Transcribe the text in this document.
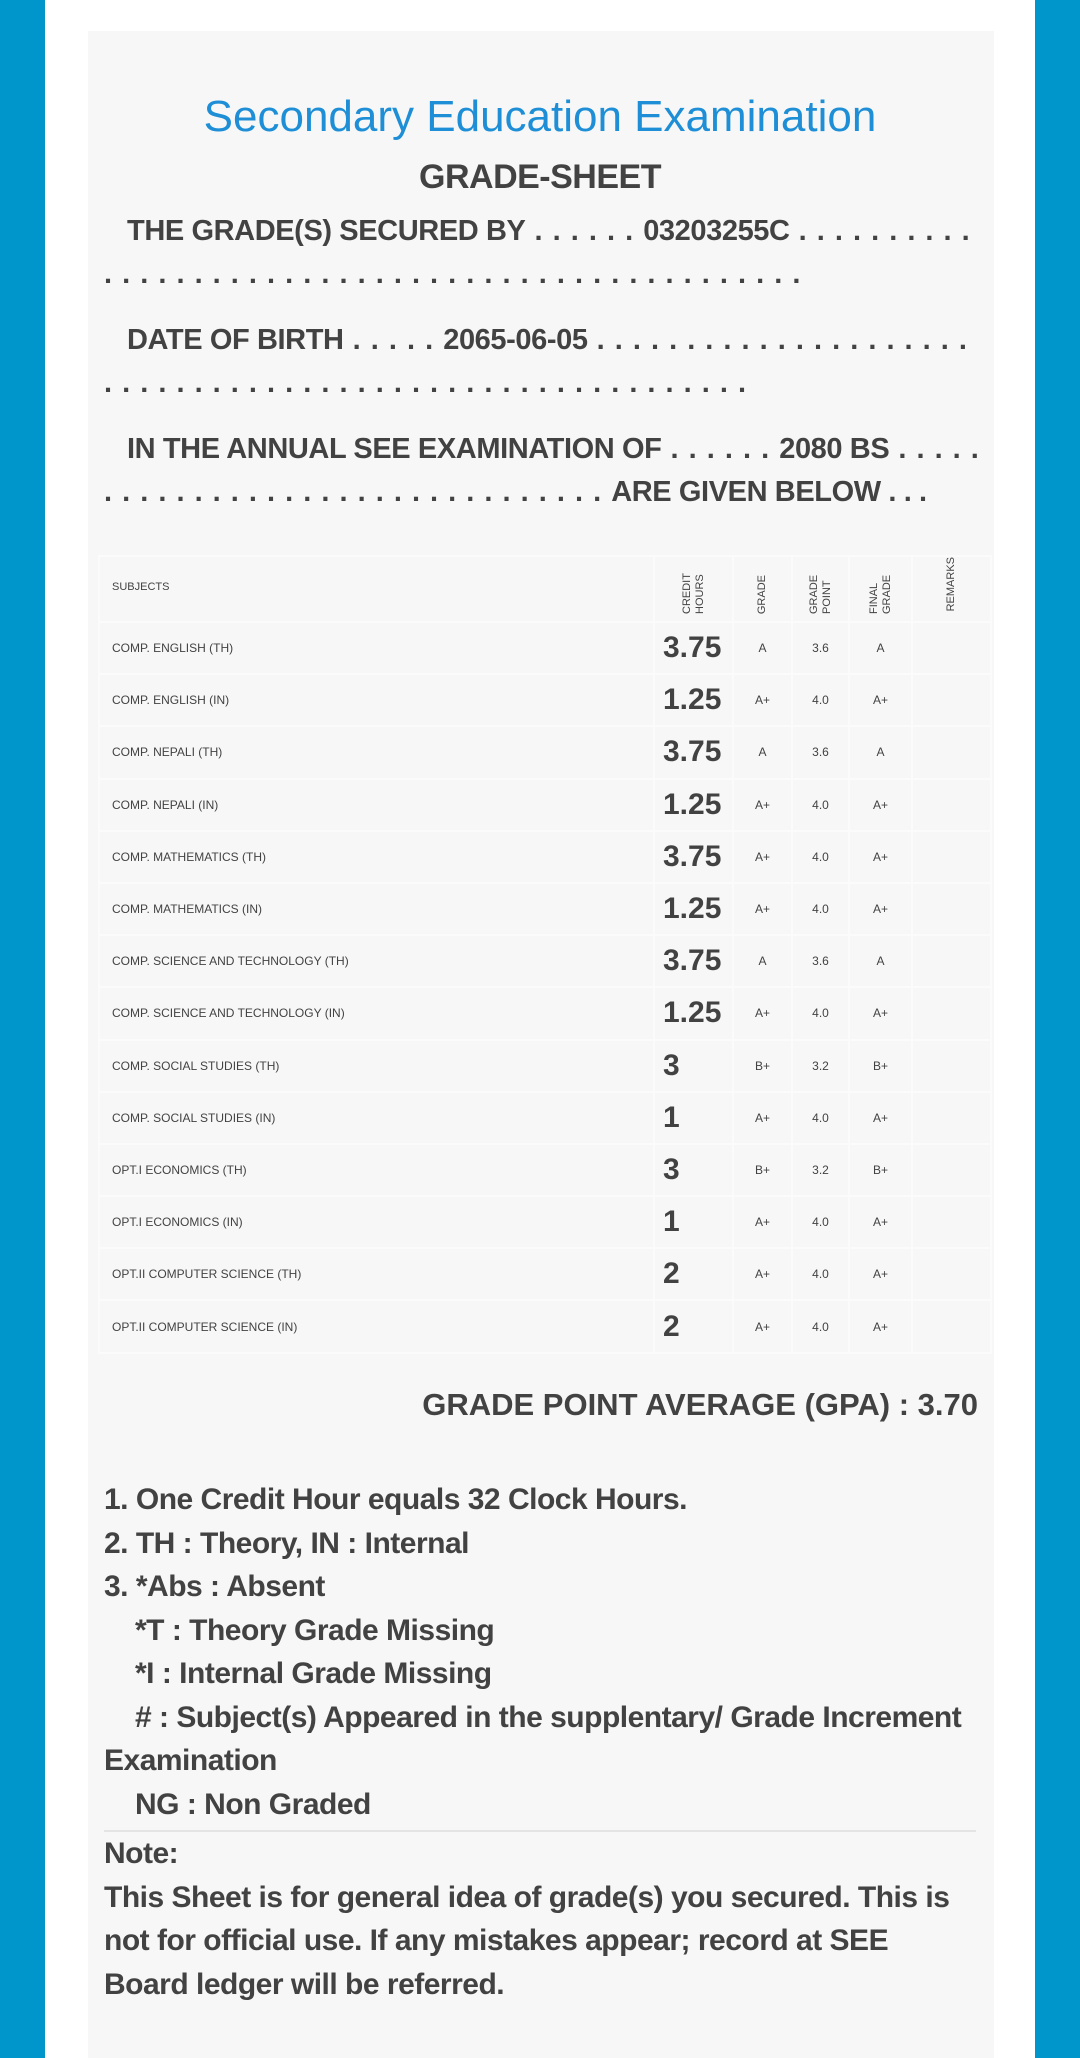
Secondary Education Examination
GRADE-SHEET
THE GRADE(S) SECURED BY . . . . . . 03203255C . . . . . . . . . . . . . . . . . . . . . . . . . . . . . . . . . . . . . . . . . . . . . . . . .
DATE OF BIRTH . . . . . 2065-06-05 . . . . . . . . . . . . . . . . . . . . . . . . . . . . . . . . . . . . . . . . . . . . . . . . . . . . . . . . .
IN THE ANNUAL SEE EXAMINATION OF . . . . . . 2080 BS . . . . . . . . . . . . . . . . . . . . . . . . . . . . . . . . . ARE GIVEN BELOW . . .
SUBJECTS	CREDIT HOURS	GRADE	GRADE POINT	FINAL GRADE	REMARKS
COMP. ENGLISH (TH)	3.75	A	3.6	A	
COMP. ENGLISH (IN)	1.25	A+	4.0	A+	
COMP. NEPALI (TH)	3.75	A	3.6	A	
COMP. NEPALI (IN)	1.25	A+	4.0	A+	
COMP. MATHEMATICS (TH)	3.75	A+	4.0	A+	
COMP. MATHEMATICS (IN)	1.25	A+	4.0	A+	
COMP. SCIENCE AND TECHNOLOGY (TH)	3.75	A	3.6	A	
COMP. SCIENCE AND TECHNOLOGY (IN)	1.25	A+	4.0	A+	
COMP. SOCIAL STUDIES (TH)	3	B+	3.2	B+	
COMP. SOCIAL STUDIES (IN)	1	A+	4.0	A+	
OPT.I ECONOMICS (TH)	3	B+	3.2	B+	
OPT.I ECONOMICS (IN)	1	A+	4.0	A+	
OPT.II COMPUTER SCIENCE (TH)	2	A+	4.0	A+	
OPT.II COMPUTER SCIENCE (IN)	2	A+	4.0	A+	
GRADE POINT AVERAGE (GPA) : 3.70
1. One Credit Hour equals 32 Clock Hours.
2. TH : Theory, IN : Internal
3. *Abs : Absent
*T : Theory Grade Missing
*I : Internal Grade Missing
# : Subject(s) Appeared in the supplentary/ Grade Increment
Examination
NG : Non Graded
Note:
This Sheet is for general idea of grade(s) you secured. This is not for official use. If any mistakes appear; record at SEE Board ledger will be referred.
